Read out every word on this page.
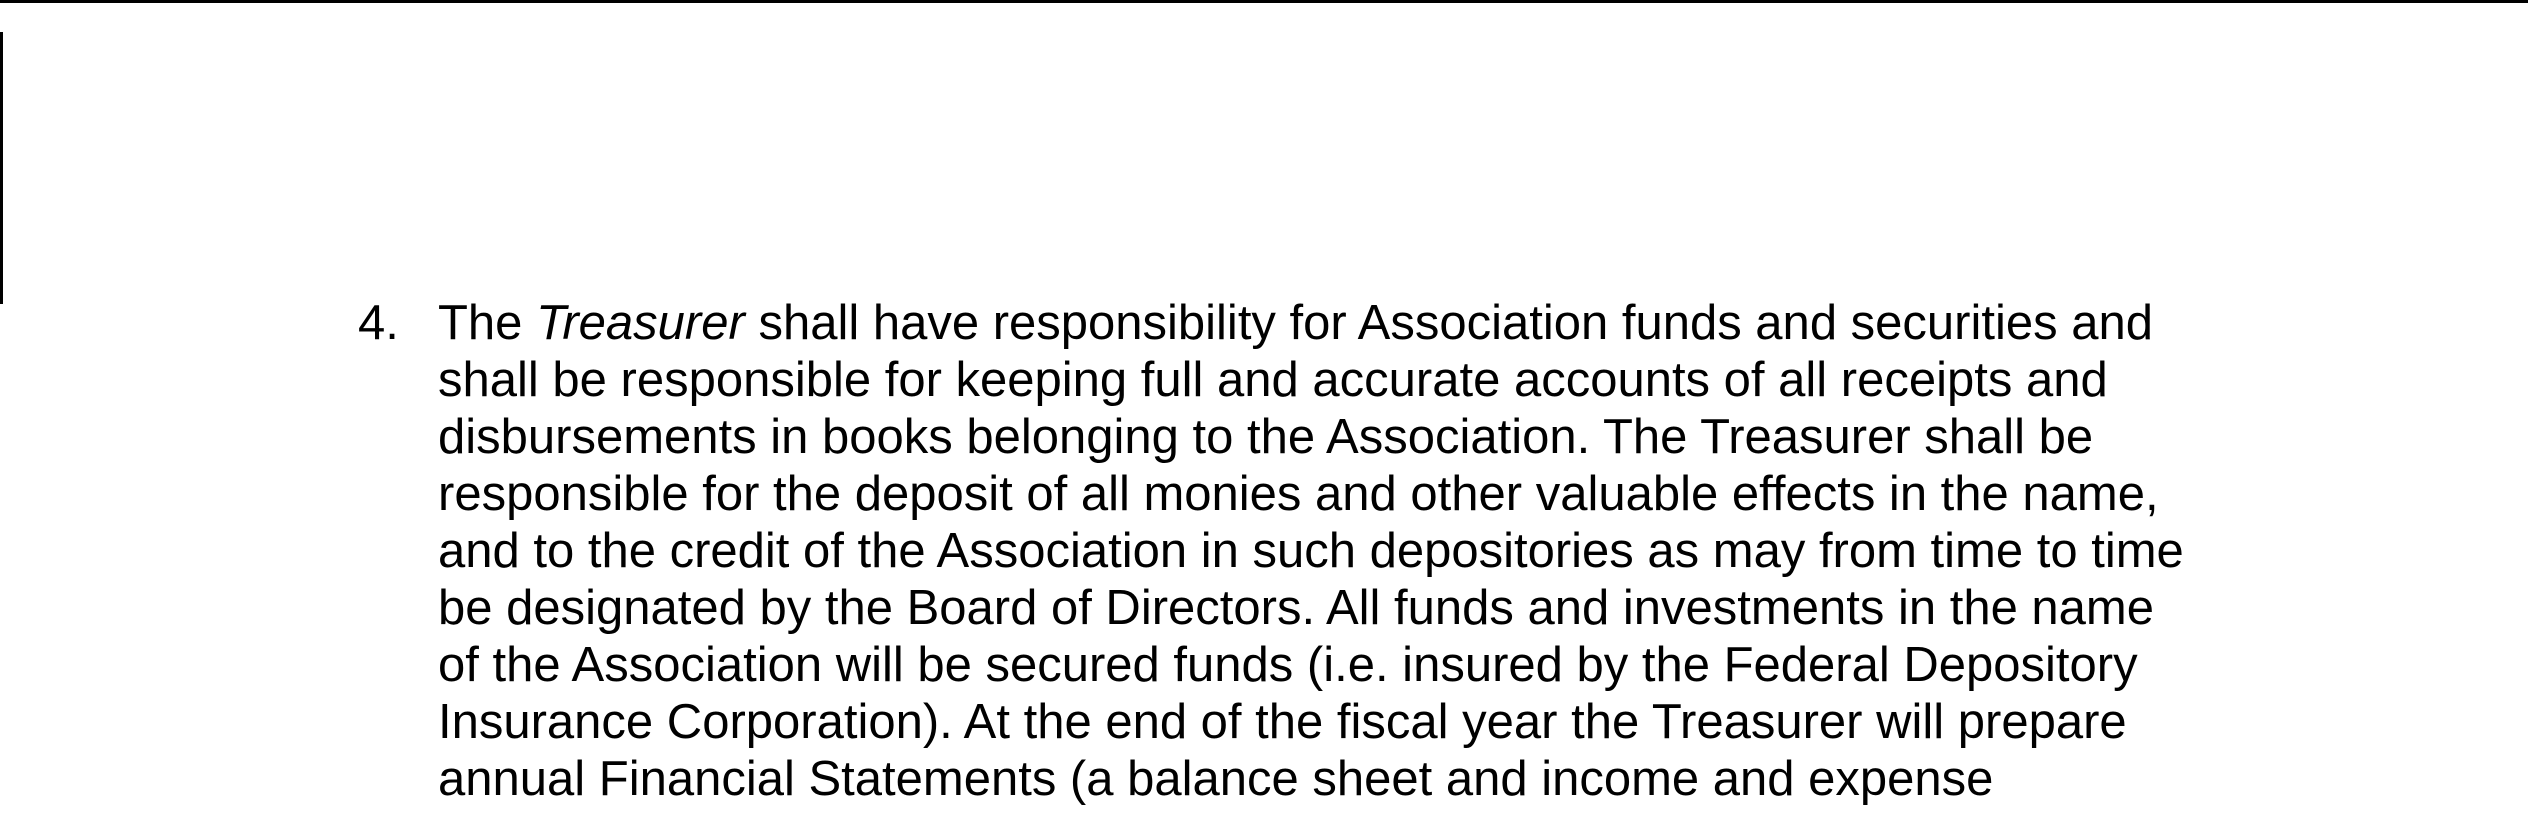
4. The Treasurer shall have responsibility for Association funds and securities and
shall be responsible for keeping full and accurate accounts of all receipts and
disbursements in books belonging to the Association. The Treasurer shall be
responsible for the deposit of all monies and other valuable effects in the name,
and to the credit of the Association in such depositories as may from time to time
be designated by the Board of Directors. All funds and investments in the name
of the Association will be secured funds (i.e. insured by the Federal Depository
Insurance Corporation). At the end of the fiscal year the Treasurer will prepare
annual Financial Statements (a balance sheet and income and expense
